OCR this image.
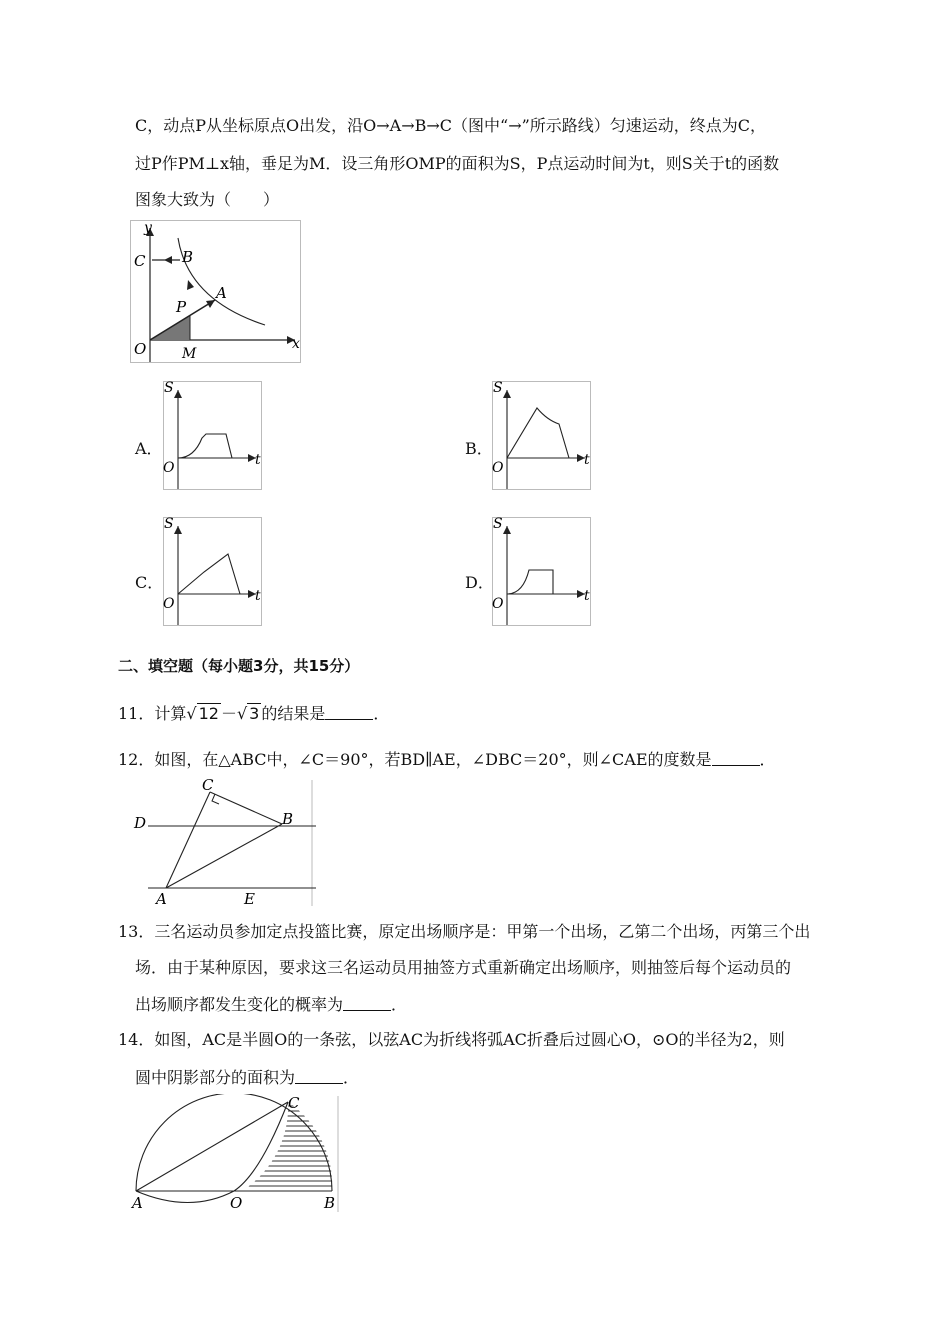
C，动点P从坐标原点O出发，沿O→A→B→C（图中“→”所示路线）匀速运动，终点为C，
过P作PM⊥x轴，垂足为M．设三角形OMP的面积为S，P点运动时间为t，则S关于t的函数
图象大致为（　　）
y
x
C B
A
P
O	M
A．
S
O	t
B．
S
O	t
C．
S
O	t
D．
S
O	t
二、填空题（每小题3分，共15分）
11．计算√ 12 －√ 3 的结果是	．
12．如图，在△ABC中，∠C＝90°，若BD∥AE，∠DBC＝20°，则∠CAE的度数是	．
C
D	B
A	E
13．三名运动员参加定点投篮比赛，原定出场顺序是：甲第一个出场，乙第二个出场，丙第三个出
场．由于某种原因，要求这三名运动员用抽签方式重新确定出场顺序，则抽签后每个运动员的
出场顺序都发生变化的概率为	．
14．如图，AC是半圆O的一条弦，以弦AC为折线将弧AC折叠后过圆心O，⊙O的半径为2，则
圆中阴影部分的面积为	．
C
A	O	B
